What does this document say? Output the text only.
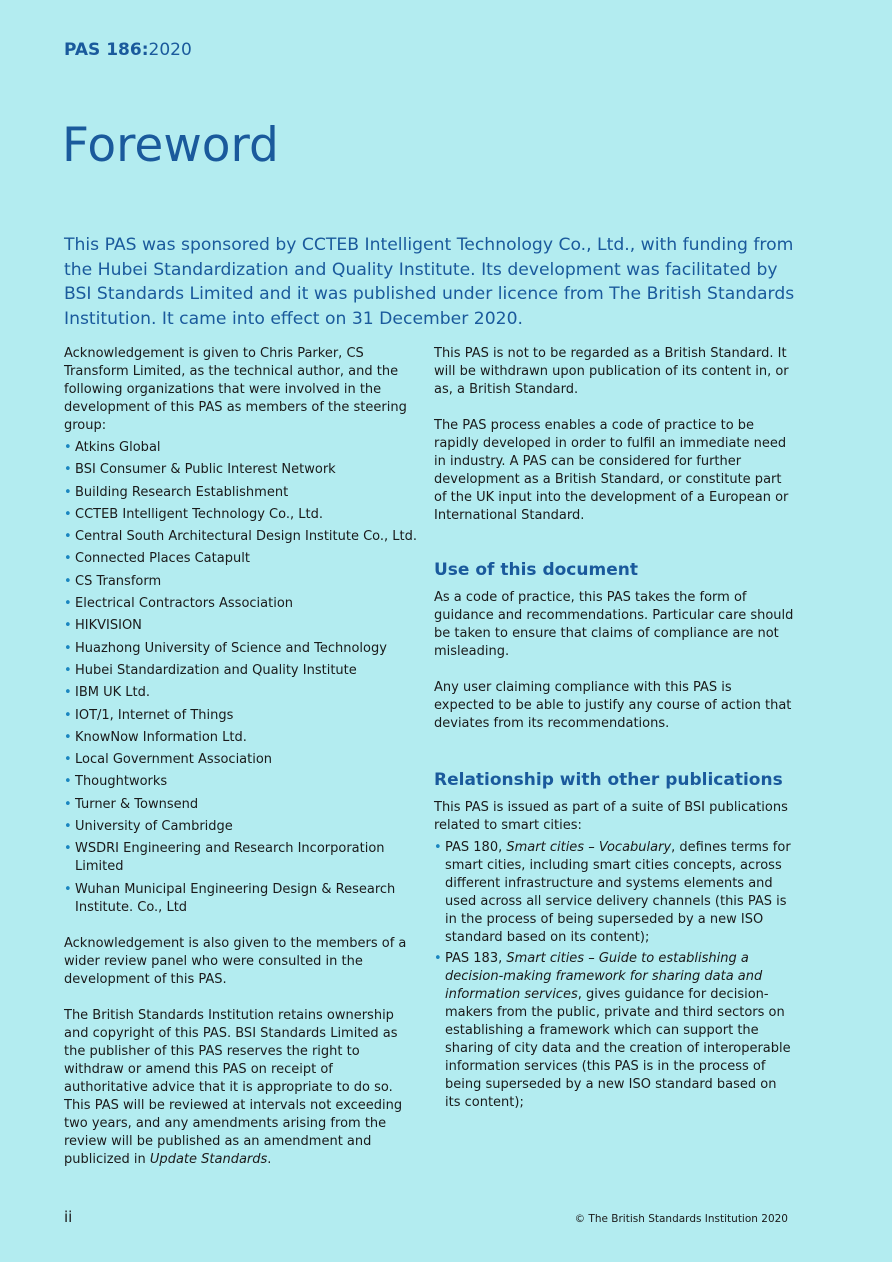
PAS 186:2020
Foreword

This PAS was sponsored by CCTEB Intelligent Technology Co., Ltd., with funding from the Hubei Standardization and Quality Institute. Its development was facilitated by BSI Standards Limited and it was published under licence from The British Standards Institution. It came into effect on 31 December 2020.

Acknowledgement is given to Chris Parker, CS Transform Limited, as the technical author, and the following organizations that were involved in the development of this PAS as members of the steering group:

• Atkins Global
• BSI Consumer & Public Interest Network
• Building Research Establishment
• CCTEB Intelligent Technology Co., Ltd.
• Central South Architectural Design Institute Co., Ltd.
• Connected Places Catapult
• CS Transform
• Electrical Contractors Association
• HIKVISION
• Huazhong University of Science and Technology
• Hubei Standardization and Quality Institute
• IBM UK Ltd.
• IOT/1, Internet of Things
• KnowNow Information Ltd.
• Local Government Association
• Thoughtworks
• Turner & Townsend
• University of Cambridge
• WSDRI Engineering and Research Incorporation Limited
• Wuhan Municipal Engineering Design & Research Institute. Co., Ltd

Acknowledgement is also given to the members of a wider review panel who were consulted in the development of this PAS.

The British Standards Institution retains ownership and copyright of this PAS. BSI Standards Limited as the publisher of this PAS reserves the right to withdraw or amend this PAS on receipt of authoritative advice that it is appropriate to do so. This PAS will be reviewed at intervals not exceeding two years, and any amendments arising from the review will be published as an amendment and publicized in Update Standards.

This PAS is not to be regarded as a British Standard. It will be withdrawn upon publication of its content in, or as, a British Standard.

The PAS process enables a code of practice to be rapidly developed in order to fulfil an immediate need in industry. A PAS can be considered for further development as a British Standard, or constitute part of the UK input into the development of a European or International Standard.

Use of this document

As a code of practice, this PAS takes the form of guidance and recommendations. Particular care should be taken to ensure that claims of compliance are not misleading.

Any user claiming compliance with this PAS is expected to be able to justify any course of action that deviates from its recommendations.

Relationship with other publications

This PAS is issued as part of a suite of BSI publications related to smart cities:

• PAS 180, Smart cities – Vocabulary, defines terms for smart cities, including smart cities concepts, across different infrastructure and systems elements and used across all service delivery channels (this PAS is in the process of being superseded by a new ISO standard based on its content);
• PAS 183, Smart cities – Guide to establishing a decision-making framework for sharing data and information services, gives guidance for decision-makers from the public, private and third sectors on establishing a framework which can support the sharing of city data and the creation of interoperable information services (this PAS is in the process of being superseded by a new ISO standard based on its content);
ii	© The British Standards Institution 2020
